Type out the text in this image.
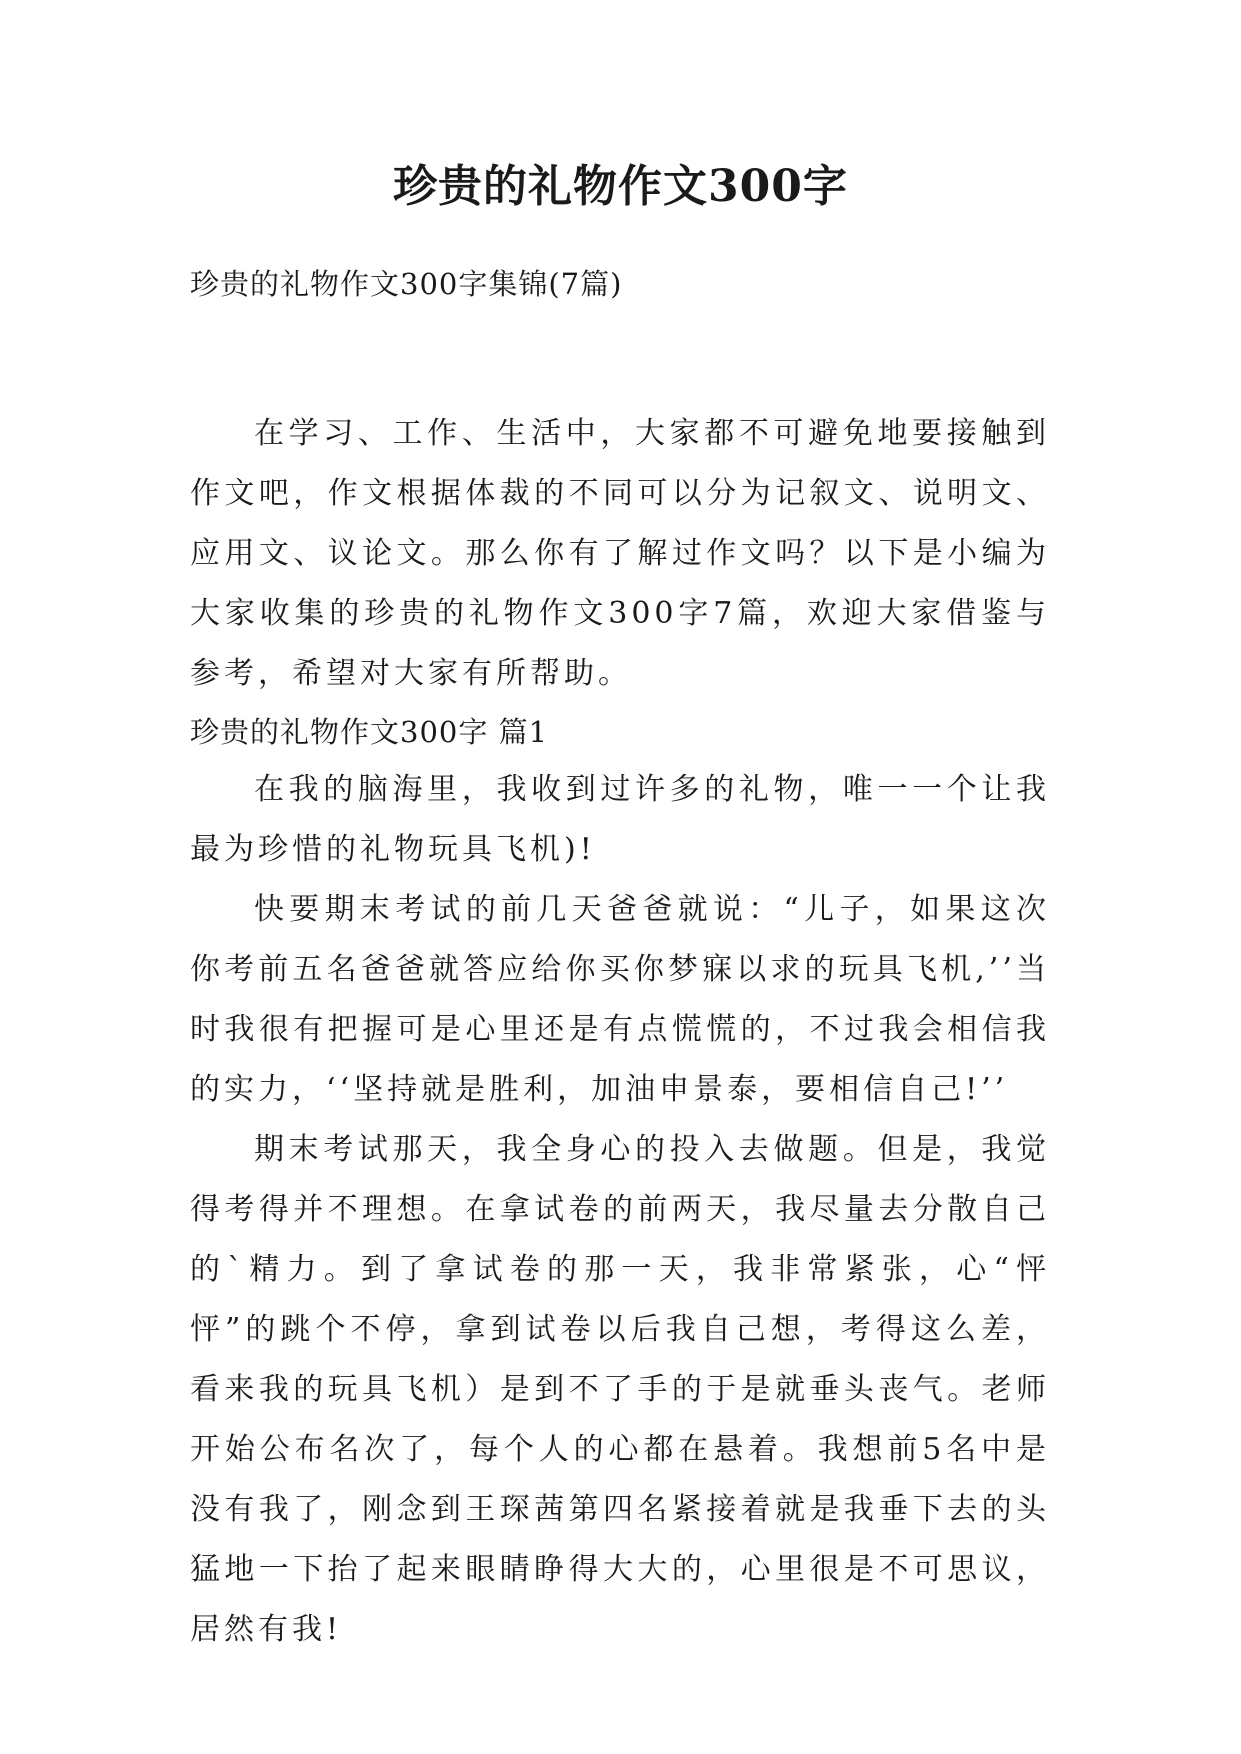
珍贵的礼物作文300字
珍贵的礼物作文300字集锦(7篇)

在学习、工作、生活中，大家都不可避免地要接触到作文吧，作文根据体裁的不同可以分为记叙文、说明文、应用文、议论文。那么你有了解过作文吗？以下是小编为大家收集的珍贵的礼物作文300字7篇，欢迎大家借鉴与参考，希望对大家有所帮助。

珍贵的礼物作文300字 篇1

在我的脑海里，我收到过许多的礼物，唯一一个让我最为珍惜的礼物玩具飞机)!

快要期末考试的前几天爸爸就说：“儿子，如果这次你考前五名爸爸就答应给你买你梦寐以求的玩具飞机,’’当时我很有把握可是心里还是有点慌慌的，不过我会相信我的实力，‘‘坚持就是胜利，加油申景泰，要相信自己!’’

期末考试那天，我全身心的投入去做题。但是，我觉得考得并不理想。在拿试卷的前两天，我尽量去分散自己的`精力。到了拿试卷的那一天，我非常紧张，心“怦怦”的跳个不停，拿到试卷以后我自己想，考得这么差，看来我的玩具飞机）是到不了手的于是就垂头丧气。老师开始公布名次了，每个人的心都在悬着。我想前5名中是没有我了，刚念到王琛茜第四名紧接着就是我垂下去的头猛地一下抬了起来眼睛睁得大大的，心里很是不可思议，居然有我!
